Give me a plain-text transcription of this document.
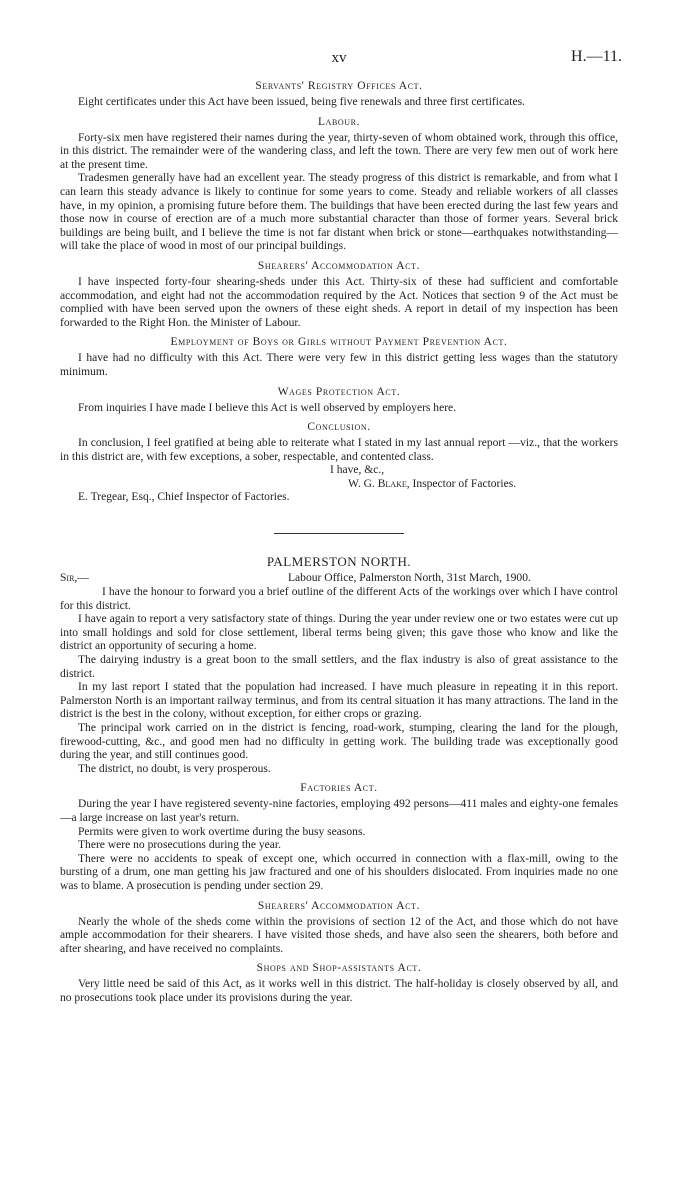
xv	H.—11.
Servants' Registry Offices Act.

Eight certificates under this Act have been issued, being five renewals and three first certificates.

Labour.

Forty-six men have registered their names during the year, thirty-seven of whom obtained work, through this office, in this district. The remainder were of the wandering class, and left the town. There are very few men out of work here at the present time.

Tradesmen generally have had an excellent year. The steady progress of this district is remarkable, and from what I can learn this steady advance is likely to continue for some years to come. Steady and reliable workers of all classes have, in my opinion, a promising future before them. The buildings that have been erected during the last few years and those now in course of erection are of a much more substantial character than those of former years. Several brick buildings are being built, and I believe the time is not far distant when brick or stone—earthquakes notwithstanding—will take the place of wood in most of our principal buildings.

Shearers' Accommodation Act.

I have inspected forty-four shearing-sheds under this Act. Thirty-six of these had sufficient and comfortable accommodation, and eight had not the accommodation required by the Act. Notices that section 9 of the Act must be complied with have been served upon the owners of these eight sheds. A report in detail of my inspection has been forwarded to the Right Hon. the Minister of Labour.

Employment of Boys or Girls without Payment Prevention Act.

I have had no difficulty with this Act. There were very few in this district getting less wages than the statutory minimum.

Wages Protection Act.

From inquiries I have made I believe this Act is well observed by employers here.

Conclusion.

In conclusion, I feel gratified at being able to reiterate what I stated in my last annual report —viz., that the workers in this district are, with few exceptions, a sober, respectable, and contented class.

I have, &c.,
W. G. Blake, Inspector of Factories.
E. Tregear, Esq., Chief Inspector of Factories.
PALMERSTON NORTH.
Sir,—	Labour Office, Palmerston North, 31st March, 1900.

I have the honour to forward you a brief outline of the different Acts of the workings over which I have control for this district.

I have again to report a very satisfactory state of things. During the year under review one or two estates were cut up into small holdings and sold for close settlement, liberal terms being given; this gave those who know and like the district an opportunity of securing a home.

The dairying industry is a great boon to the small settlers, and the flax industry is also of great assistance to the district.

In my last report I stated that the population had increased. I have much pleasure in repeating it in this report. Palmerston North is an important railway terminus, and from its central situation it has many attractions. The land in the district is the best in the colony, without exception, for either crops or grazing.

The principal work carried on in the district is fencing, road-work, stumping, clearing the land for the plough, firewood-cutting, &c., and good men had no difficulty in getting work. The building trade was exceptionally good during the year, and still continues good.

The district, no doubt, is very prosperous.

Factories Act.

During the year I have registered seventy-nine factories, employing 492 persons—411 males and eighty-one females—a large increase on last year's return.

Permits were given to work overtime during the busy seasons.

There were no prosecutions during the year.

There were no accidents to speak of except one, which occurred in connection with a flax-mill, owing to the bursting of a drum, one man getting his jaw fractured and one of his shoulders dislocated. From inquiries made no one was to blame. A prosecution is pending under section 29.

Shearers' Accommodation Act.

Nearly the whole of the sheds come within the provisions of section 12 of the Act, and those which do not have ample accommodation for their shearers. I have visited those sheds, and have also seen the shearers, both before and after shearing, and have received no complaints.

Shops and Shop-assistants Act.

Very little need be said of this Act, as it works well in this district. The half-holiday is closely observed by all, and no prosecutions took place under its provisions during the year.
